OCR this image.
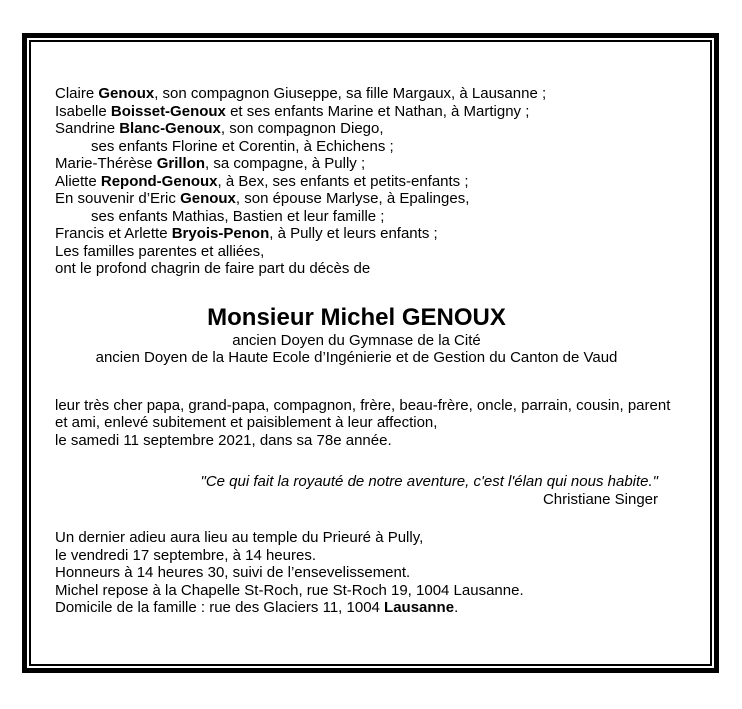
Claire Genoux, son compagnon Giuseppe, sa fille Margaux, à Lausanne ;
Isabelle Boisset-Genoux et ses enfants Marine et Nathan, à Martigny ;
Sandrine Blanc-Genoux, son compagnon Diego,
ses enfants Florine et Corentin, à Echichens ;
Marie-Thérèse Grillon, sa compagne, à Pully ;
Aliette Repond-Genoux, à Bex, ses enfants et petits-enfants ;
En souvenir d’Eric Genoux, son épouse Marlyse, à Epalinges,
ses enfants Mathias, Bastien et leur famille ;
Francis et Arlette Bryois-Penon, à Pully et leurs enfants ;
Les familles parentes et alliées,
ont le profond chagrin de faire part du décès de
Monsieur Michel GENOUX
ancien Doyen du Gymnase de la Cité
ancien Doyen de la Haute Ecole d’Ingénierie et de Gestion du Canton de Vaud
leur très cher papa, grand-papa, compagnon, frère, beau-frère, oncle, parrain, cousin, parent
et ami, enlevé subitement et paisiblement à leur affection,
le samedi 11 septembre 2021, dans sa 78e année.
"Ce qui fait la royauté de notre aventure, c'est l'élan qui nous habite."
Christiane Singer
Un dernier adieu aura lieu au temple du Prieuré à Pully,
le vendredi 17 septembre, à 14 heures.
Honneurs à 14 heures 30, suivi de l’ensevelissement.
Michel repose à la Chapelle St-Roch, rue St-Roch 19, 1004 Lausanne.
Domicile de la famille : rue des Glaciers 11, 1004 Lausanne.
